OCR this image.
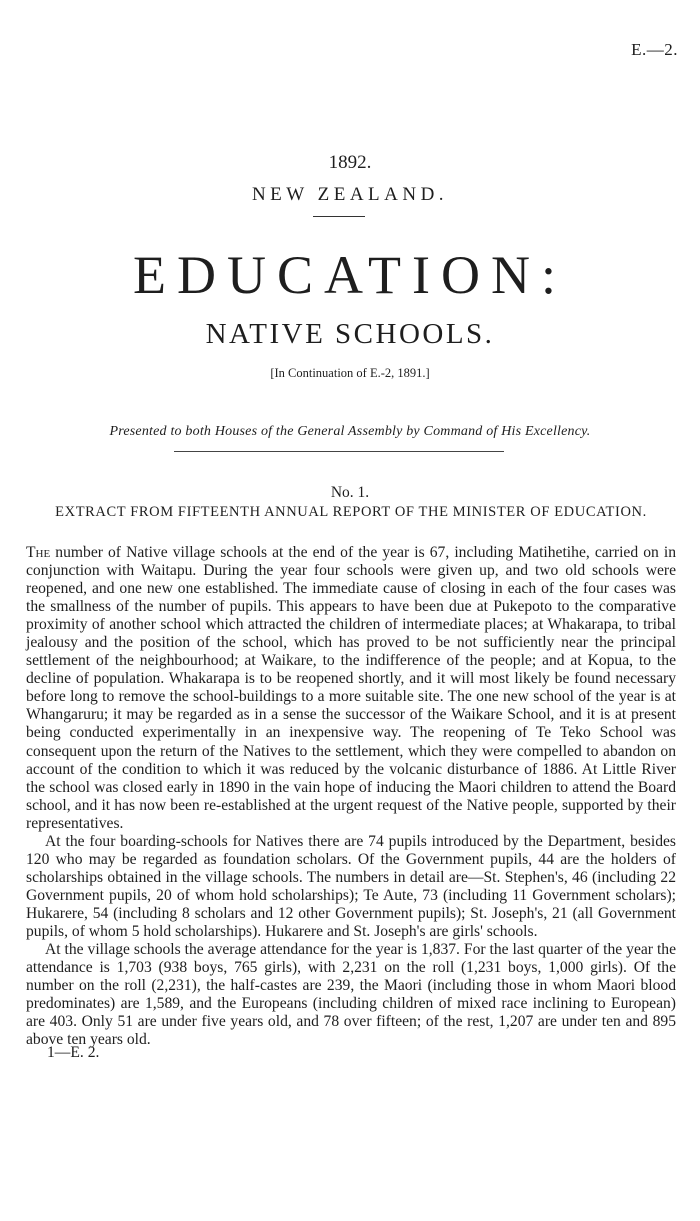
E.—2.
1892.
NEW ZEALAND.
EDUCATION:
NATIVE SCHOOLS.
[In Continuation of E.-2, 1891.]
Presented to both Houses of the General Assembly by Command of His Excellency.
No. 1.
EXTRACT FROM FIFTEENTH ANNUAL REPORT OF THE MINISTER OF EDUCATION.

The number of Native village schools at the end of the year is 67, including Matihetihe, carried on in conjunction with Waitapu. During the year four schools were given up, and two old schools were reopened, and one new one established. The immediate cause of closing in each of the four cases was the smallness of the number of pupils. This appears to have been due at Pukepoto to the comparative proximity of another school which attracted the children of intermediate places; at Whakarapa, to tribal jealousy and the position of the school, which has proved to be not sufficiently near the principal settlement of the neighbourhood; at Waikare, to the indifference of the people; and at Kopua, to the decline of population. Whakarapa is to be reopened shortly, and it will most likely be found necessary before long to remove the school-buildings to a more suitable site. The one new school of the year is at Whangaruru; it may be regarded as in a sense the successor of the Waikare School, and it is at present being conducted experimentally in an inexpensive way. The reopening of Te Teko School was consequent upon the return of the Natives to the settlement, which they were compelled to abandon on account of the condition to which it was reduced by the volcanic disturbance of 1886. At Little River the school was closed early in 1890 in the vain hope of inducing the Maori children to attend the Board school, and it has now been re-established at the urgent request of the Native people, supported by their representatives.

At the four boarding-schools for Natives there are 74 pupils introduced by the Department, besides 120 who may be regarded as foundation scholars. Of the Government pupils, 44 are the holders of scholarships obtained in the village schools. The numbers in detail are—St. Stephen's, 46 (including 22 Government pupils, 20 of whom hold scholarships); Te Aute, 73 (including 11 Government scholars); Hukarere, 54 (including 8 scholars and 12 other Government pupils); St. Joseph's, 21 (all Government pupils, of whom 5 hold scholarships). Hukarere and St. Joseph's are girls' schools.

At the village schools the average attendance for the year is 1,837. For the last quarter of the year the attendance is 1,703 (938 boys, 765 girls), with 2,231 on the roll (1,231 boys, 1,000 girls). Of the number on the roll (2,231), the half-castes are 239, the Maori (including those in whom Maori blood predominates) are 1,589, and the Europeans (including children of mixed race inclining to European) are 403. Only 51 are under five years old, and 78 over fifteen; of the rest, 1,207 are under ten and 895 above ten years old.

1—E. 2.
